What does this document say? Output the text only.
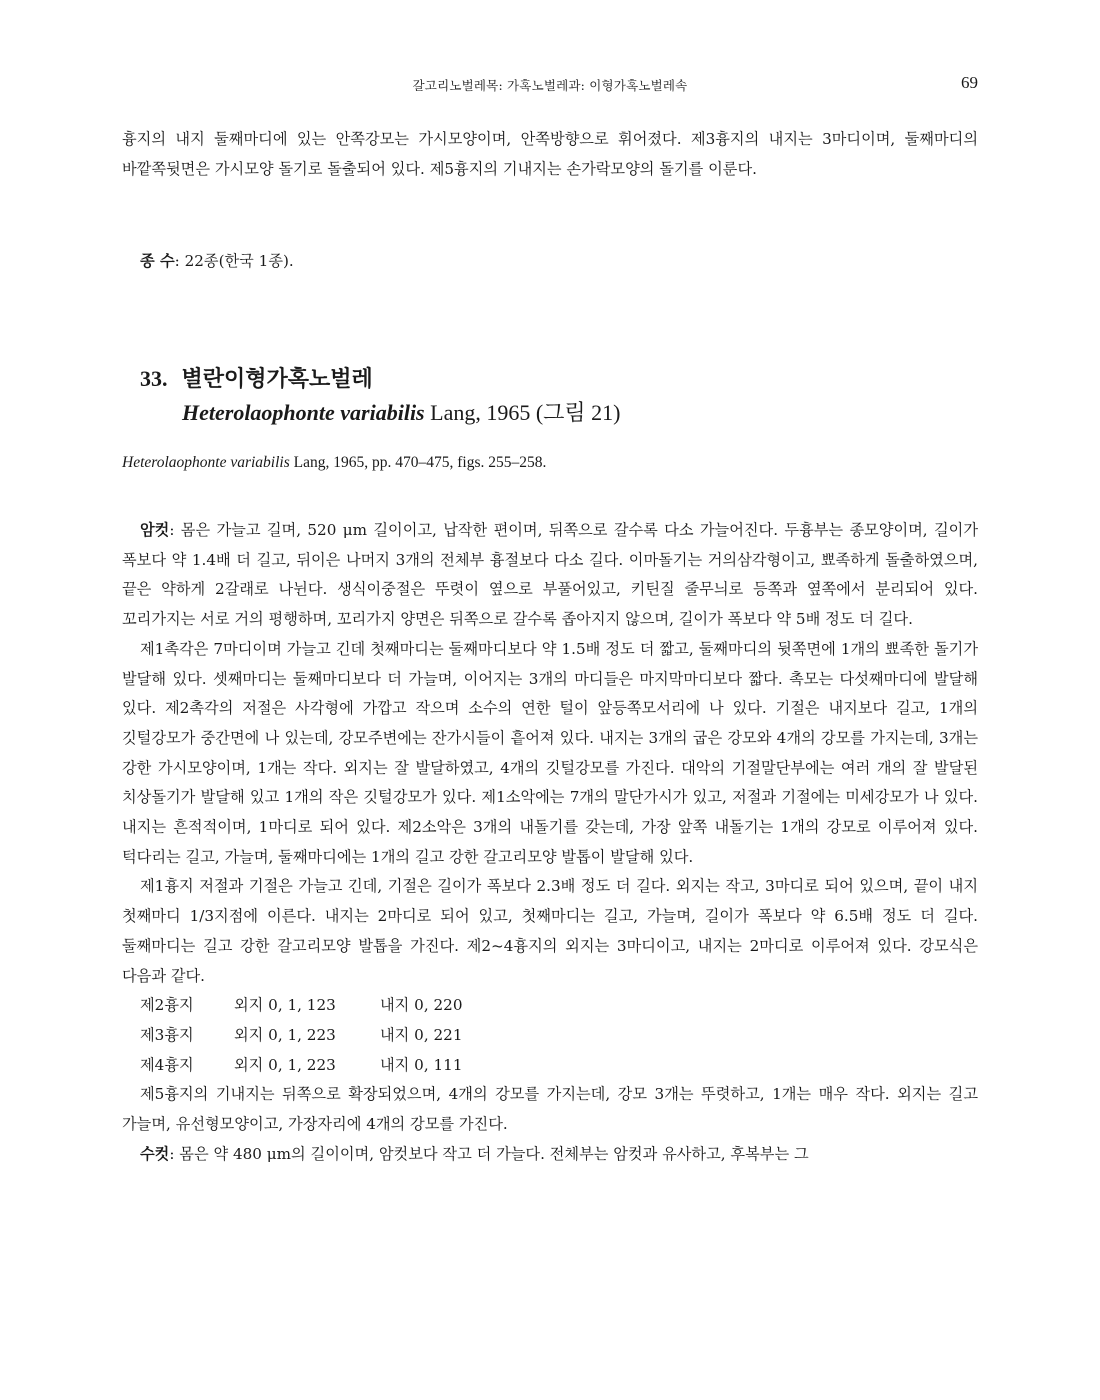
갈고리노벌레목: 가혹노벌레과: 이형가혹노벌레속	69

흉지의 내지 둘째마디에 있는 안쪽강모는 가시모양이며, 안쪽방향으로 휘어졌다. 제3흉지의 내지는 3마디이며, 둘째마디의 바깥쪽뒷면은 가시모양 돌기로 돌출되어 있다. 제5흉지의 기내지는 손가락모양의 돌기를 이룬다.

종 수: 22종(한국 1종).
33. 별란이형가혹노벌레
Heterolaophonte variabilis Lang, 1965 (그림 21)
Heterolaophonte variabilis Lang, 1965, pp. 470–475, figs. 255–258.

암컷: 몸은 가늘고 길며, 520 μm 길이이고, 납작한 편이며, 뒤쪽으로 갈수록 다소 가늘어진다. 두흉부는 종모양이며, 길이가 폭보다 약 1.4배 더 길고, 뒤이은 나머지 3개의 전체부 흉절보다 다소 길다. 이마돌기는 거의삼각형이고, 뾰족하게 돌출하였으며, 끝은 약하게 2갈래로 나뉜다. 생식이중절은 뚜렷이 옆으로 부풀어있고, 키틴질 줄무늬로 등쪽과 옆쪽에서 분리되어 있다. 꼬리가지는 서로 거의 평행하며, 꼬리가지 양면은 뒤쪽으로 갈수록 좁아지지 않으며, 길이가 폭보다 약 5배 정도 더 길다.

제1촉각은 7마디이며 가늘고 긴데 첫째마디는 둘째마디보다 약 1.5배 정도 더 짧고, 둘째마디의 뒷쪽면에 1개의 뾰족한 돌기가 발달해 있다. 셋째마디는 둘째마디보다 더 가늘며, 이어지는 3개의 마디들은 마지막마디보다 짧다. 촉모는 다섯째마디에 발달해 있다. 제2촉각의 저절은 사각형에 가깝고 작으며 소수의 연한 털이 앞등쪽모서리에 나 있다. 기절은 내지보다 길고, 1개의 깃털강모가 중간면에 나 있는데, 강모주변에는 잔가시들이 흩어져 있다. 내지는 3개의 굽은 강모와 4개의 강모를 가지는데, 3개는 강한 가시모양이며, 1개는 작다. 외지는 잘 발달하였고, 4개의 깃털강모를 가진다. 대악의 기절말단부에는 여러 개의 잘 발달된 치상돌기가 발달해 있고 1개의 작은 깃털강모가 있다. 제1소악에는 7개의 말단가시가 있고, 저절과 기절에는 미세강모가 나 있다. 내지는 흔적적이며, 1마디로 되어 있다. 제2소악은 3개의 내돌기를 갖는데, 가장 앞쪽 내돌기는 1개의 강모로 이루어져 있다. 턱다리는 길고, 가늘며, 둘째마디에는 1개의 길고 강한 갈고리모양 발톱이 발달해 있다.

제1흉지 저절과 기절은 가늘고 긴데, 기절은 길이가 폭보다 2.3배 정도 더 길다. 외지는 작고, 3마디로 되어 있으며, 끝이 내지 첫째마디 1/3지점에 이른다. 내지는 2마디로 되어 있고, 첫째마디는 길고, 가늘며, 길이가 폭보다 약 6.5배 정도 더 길다. 둘째마디는 길고 강한 갈고리모양 발톱을 가진다. 제2~4흉지의 외지는 3마디이고, 내지는 2마디로 이루어져 있다. 강모식은 다음과 같다.

제2흉지	외지 0, 1, 123	내지 0, 220
제3흉지	외지 0, 1, 223	내지 0, 221
제4흉지	외지 0, 1, 223	내지 0, 111

제5흉지의 기내지는 뒤쪽으로 확장되었으며, 4개의 강모를 가지는데, 강모 3개는 뚜렷하고, 1개는 매우 작다. 외지는 길고 가늘며, 유선형모양이고, 가장자리에 4개의 강모를 가진다.

수컷: 몸은 약 480 μm의 길이이며, 암컷보다 작고 더 가늘다. 전체부는 암컷과 유사하고, 후복부는 그
